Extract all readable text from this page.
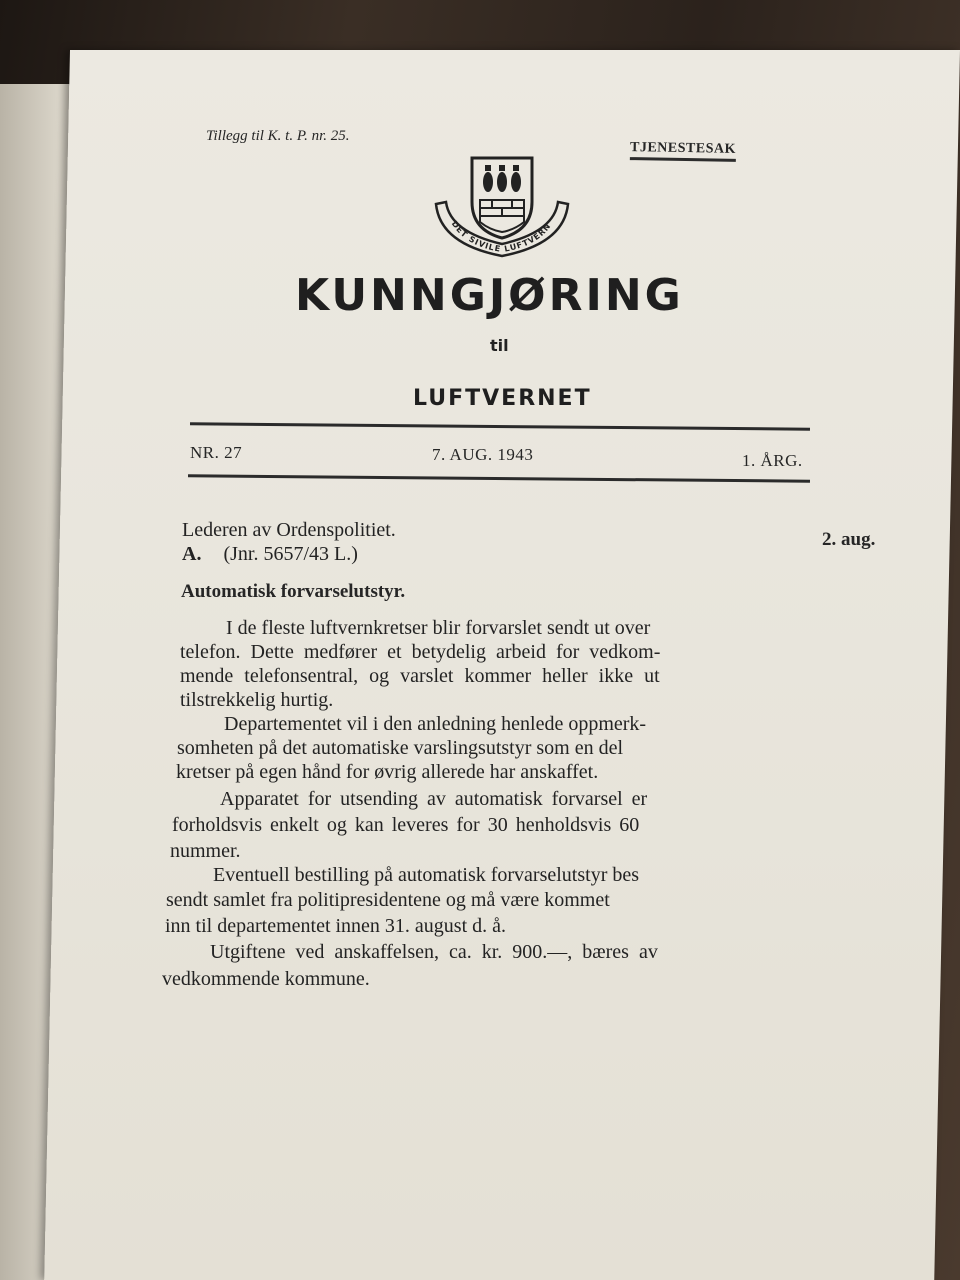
Tillegg til K. t. P. nr. 25.
TJENESTESAK
DET SIVILE LUFTVERN
KUNNGJØRING
til
LUFTVERNET
NR. 27	7. AUG. 1943	1. ÅRG.
Lederen av Ordenspolitiet.	2. aug.
A. (Jnr. 5657/43 L.)
Automatisk forvarselutstyr.
I de fleste luftvernkretser blir forvarslet sendt ut over
telefon. Dette medfører et betydelig arbeid for vedkom-
mende telefonsentral, og varslet kommer heller ikke ut
tilstrekkelig hurtig.
Departementet vil i den anledning henlede oppmerk-
somheten på det automatiske varslingsutstyr som en del
kretser på egen hånd for øvrig allerede har anskaffet.
Apparatet for utsending av automatisk forvarsel er
forholdsvis enkelt og kan leveres for 30 henholdsvis 60
nummer.
Eventuell bestilling på automatisk forvarselutstyr bes
sendt samlet fra politipresidentene og må være kommet
inn til departementet innen 31. august d. å.
Utgiftene ved anskaffelsen, ca. kr. 900.—, bæres av
vedkommende kommune.
